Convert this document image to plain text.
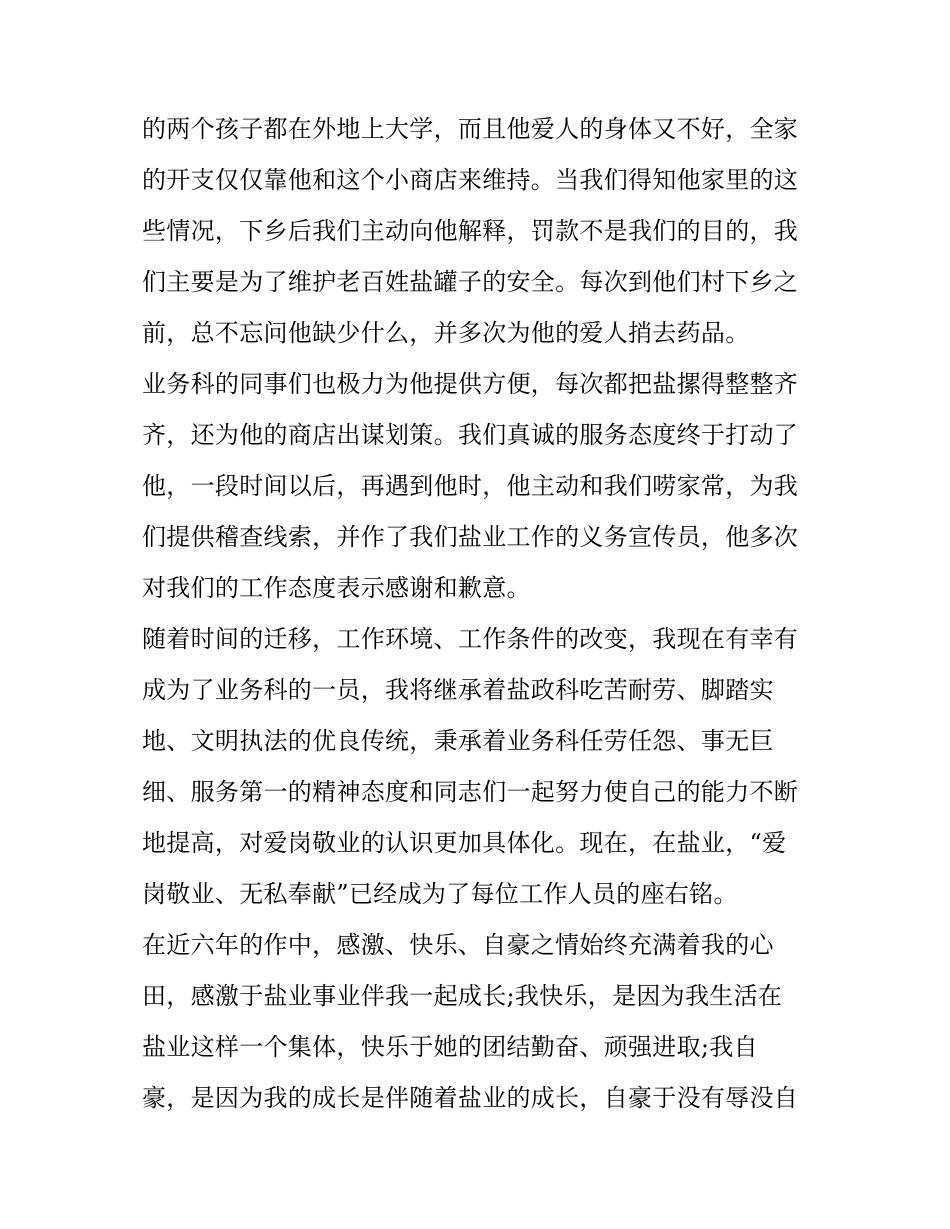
的两个孩子都在外地上大学，而且他爱人的身体又不好，全家
的开支仅仅靠他和这个小商店来维持。当我们得知他家里的这
些情况，下乡后我们主动向他解释，罚款不是我们的目的，我
们主要是为了维护老百姓盐罐子的安全。每次到他们村下乡之
前，总不忘问他缺少什么，并多次为他的爱人捎去药品。
业务科的同事们也极力为他提供方便，每次都把盐摞得整整齐
齐，还为他的商店出谋划策。我们真诚的服务态度终于打动了
他，一段时间以后，再遇到他时，他主动和我们唠家常，为我
们提供稽查线索，并作了我们盐业工作的义务宣传员，他多次
对我们的工作态度表示感谢和歉意。
随着时间的迁移，工作环境、工作条件的改变，我现在有幸有
成为了业务科的一员，我将继承着盐政科吃苦耐劳、脚踏实
地、文明执法的优良传统，秉承着业务科任劳任怨、事无巨
细、服务第一的精神态度和同志们一起努力使自己的能力不断
地提高，对爱岗敬业的认识更加具体化。现在，在盐业，“爱
岗敬业、无私奉献”已经成为了每位工作人员的座右铭。
在近六年的作中，感激、快乐、自豪之情始终充满着我的心
田，感激于盐业事业伴我一起成长;我快乐，是因为我生活在
盐业这样一个集体，快乐于她的团结勤奋、顽强进取;我自
豪，是因为我的成长是伴随着盐业的成长，自豪于没有辱没自
